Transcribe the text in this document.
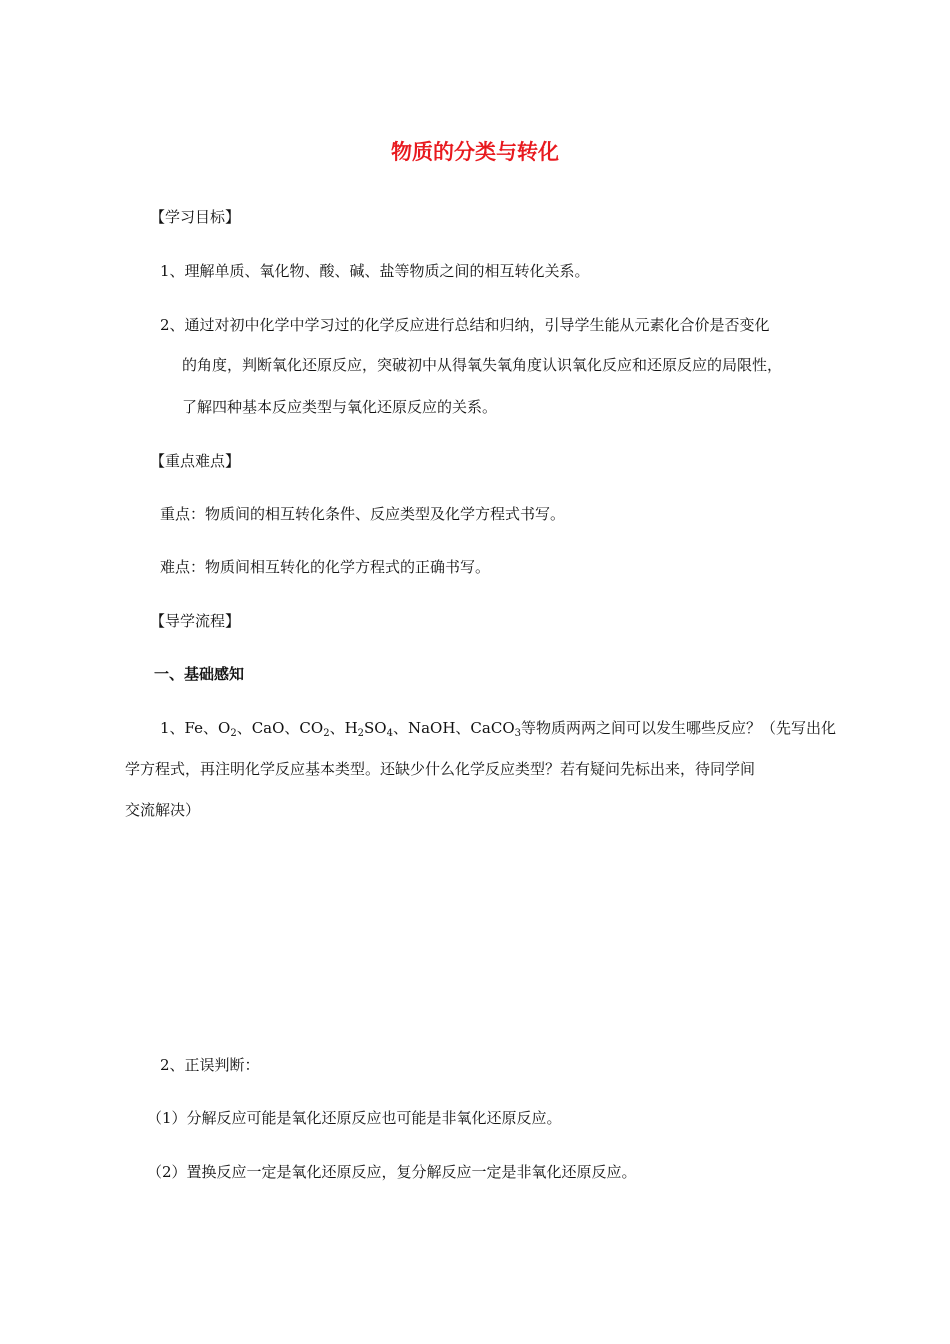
物质的分类与转化
【学习目标】
1、理解单质、氧化物、酸、碱、盐等物质之间的相互转化关系。
2、通过对初中化学中学习过的化学反应进行总结和归纳，引导学生能从元素化合价是否变化
的角度，判断氧化还原反应，突破初中从得氧失氧角度认识氧化反应和还原反应的局限性，
了解四种基本反应类型与氧化还原反应的关系。
【重点难点】
重点：物质间的相互转化条件、反应类型及化学方程式书写。
难点：物质间相互转化的化学方程式的正确书写。
【导学流程】
一、基础感知
1、Fe、$O_2$、CaO、$CO_2$、$H_2SO_4$、NaOH、CaCO$_3$等物质两两之间可以发生哪些反应？（先写出化
学方程式，再注明化学反应基本类型。还缺少什么化学反应类型？若有疑问先标出来，待同学间
交流解决）
2、正误判断：
（1）分解反应可能是氧化还原反应也可能是非氧化还原反应。
（2）置换反应一定是氧化还原反应，复分解反应一定是非氧化还原反应。
